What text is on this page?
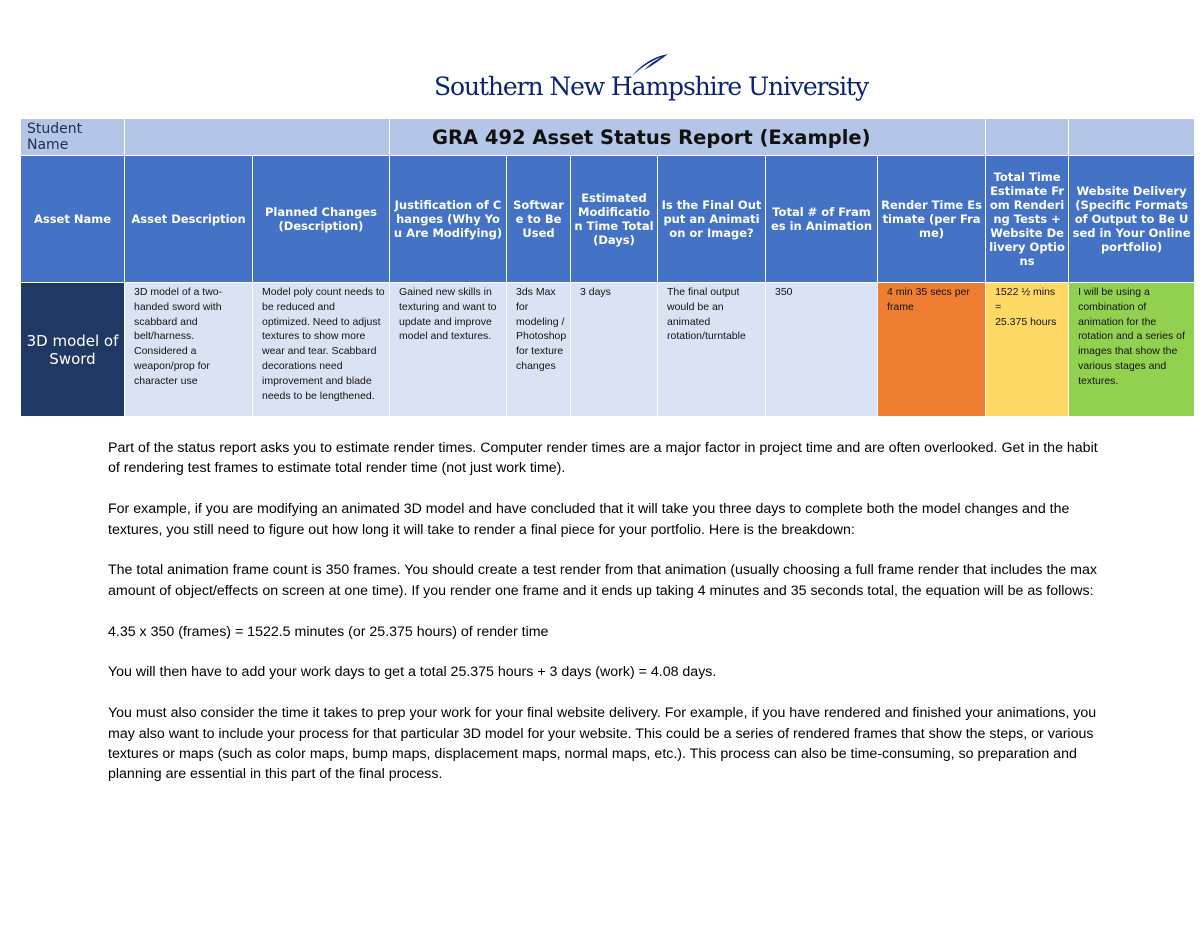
Southern New Hampshire University
Student Name			GRA 492 Asset Status Report (Example)							
Asset Name	Asset Description	Planned Changes (Description)	Justification of Changes (Why You Are Modifying)	Software to Be Used	Estimated Modification Time Total (Days)	Is the Final Output an Animation or Image?	Total # of Frames in Animation	Render Time Estimate (per Frame)	Total Time Estimate From Rendering Tests + Website Delivery Options	Website Delivery (Specific Formats of Output to Be Used in Your Online portfolio)
3D model of Sword	3D model of a two-handed sword with scabbard and belt/harness. Considered a weapon/prop for character use	Model poly count needs to be reduced and optimized. Need to adjust textures to show more wear and tear. Scabbard decorations need improvement and blade needs to be lengthened.	Gained new skills in texturing and want to update and improve model and textures.	3ds Max for modeling / Photoshop for texture changes	3 days	The final output would be an animated rotation/turntable	350	4 min 35 secs per frame	1522 ½ mins
=
25.375 hours	I will be using a combination of animation for the rotation and a series of images that show the various stages and textures.

Part of the status report asks you to estimate render times. Computer render times are a major factor in project time and are often overlooked. Get in the habit of rendering test frames to estimate total render time (not just work time).

For example, if you are modifying an animated 3D model and have concluded that it will take you three days to complete both the model changes and the textures, you still need to figure out how long it will take to render a final piece for your portfolio. Here is the breakdown:

The total animation frame count is 350 frames. You should create a test render from that animation (usually choosing a full frame render that includes the max amount of object/effects on screen at one time). If you render one frame and it ends up taking 4 minutes and 35 seconds total, the equation will be as follows:

4.35 x 350 (frames) = 1522.5 minutes (or 25.375 hours) of render time

You will then have to add your work days to get a total 25.375 hours + 3 days (work) = 4.08 days.

You must also consider the time it takes to prep your work for your final website delivery. For example, if you have rendered and finished your animations, you may also want to include your process for that particular 3D model for your website. This could be a series of rendered frames that show the steps, or various textures or maps (such as color maps, bump maps, displacement maps, normal maps, etc.). This process can also be time-consuming, so preparation and planning are essential in this part of the final process.
